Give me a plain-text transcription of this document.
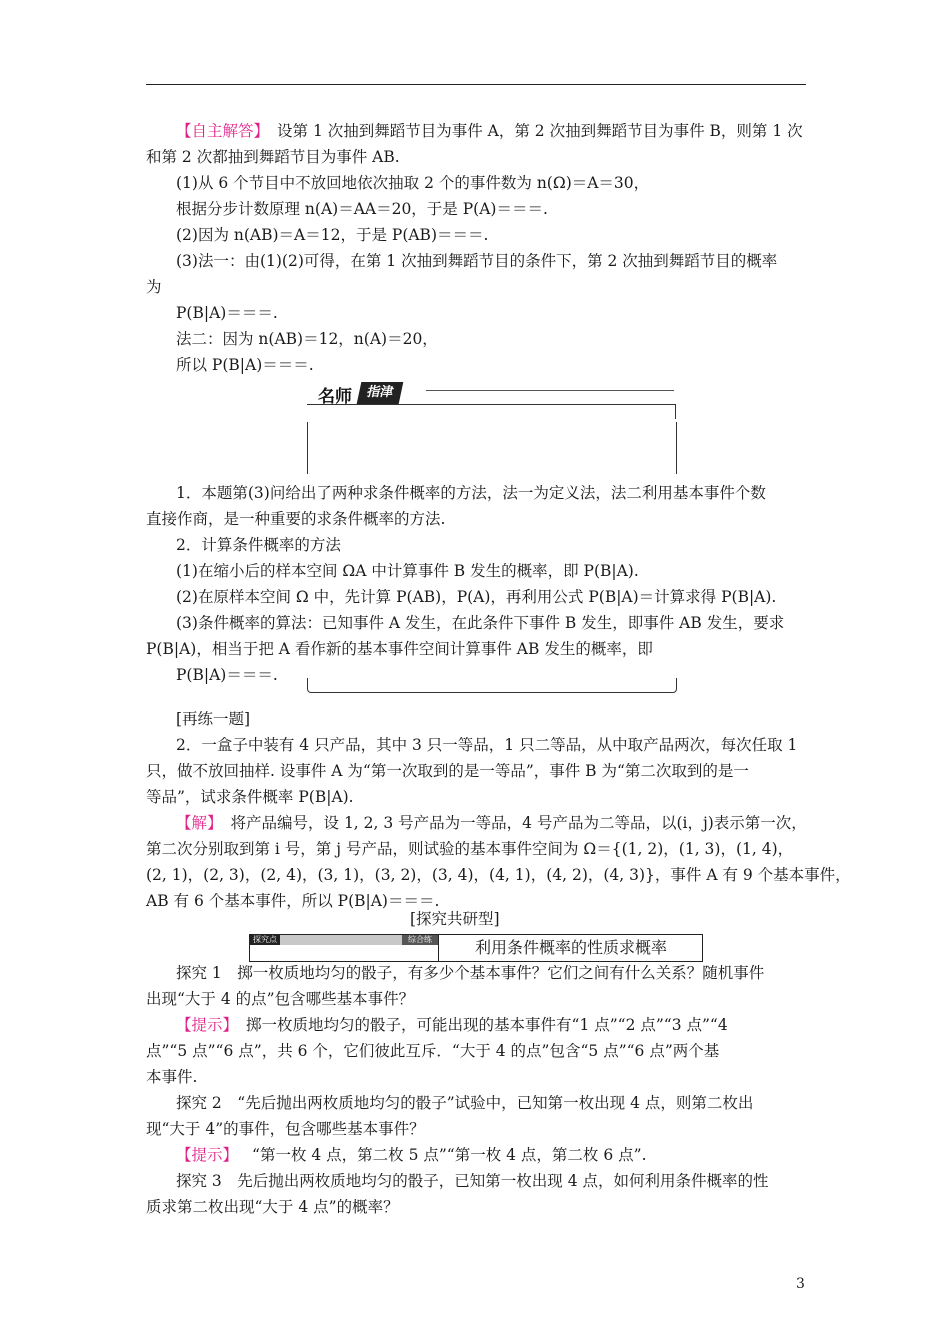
【自主解答】 设第 1 次抽到舞蹈节目为事件 A，第 2 次抽到舞蹈节目为事件 B，则第 1 次
和第 2 次都抽到舞蹈节目为事件 AB.
(1)从 6 个节目中不放回地依次抽取 2 个的事件数为 n(Ω)＝A＝30，
根据分步计数原理 n(A)＝AA＝20，于是 P(A)＝＝＝.
(2)因为 n(AB)＝A＝12，于是 P(AB)＝＝＝.
(3)法一：由(1)(2)可得，在第 1 次抽到舞蹈节目的条件下，第 2 次抽到舞蹈节目的概率
为
P(B|A)＝＝＝.
法二：因为 n(AB)＝12，n(A)＝20，
所以 P(B|A)＝＝＝.
名师	指津
1．本题第(3)问给出了两种求条件概率的方法，法一为定义法，法二利用基本事件个数
直接作商，是一种重要的求条件概率的方法.
2．计算条件概率的方法
(1)在缩小后的样本空间 ΩA 中计算事件 B 发生的概率，即 P(B|A).
(2)在原样本空间 Ω 中，先计算 P(AB)，P(A)，再利用公式 P(B|A)＝计算求得 P(B|A).
(3)条件概率的算法：已知事件 A 发生，在此条件下事件 B 发生，即事件 AB 发生，要求
P(B|A)，相当于把 A 看作新的基本事件空间计算事件 AB 发生的概率，即
P(B|A)＝＝＝.
[再练一题]
2．一盒子中装有 4 只产品，其中 3 只一等品，1 只二等品，从中取产品两次，每次任取 1
只，做不放回抽样. 设事件 A 为“第一次取到的是一等品”，事件 B 为“第二次取到的是一
等品”，试求条件概率 P(B|A).
【解】 将产品编号，设 1, 2, 3 号产品为一等品，4 号产品为二等品，以(i，j)表示第一次，
第二次分别取到第 i 号，第 j 号产品，则试验的基本事件空间为 Ω＝{(1, 2)，(1, 3)，(1, 4)，
(2, 1)，(2, 3)，(2, 4)，(3, 1)，(3, 2)，(3, 4)，(4, 1)，(4, 2)，(4, 3)}，事件 A 有 9 个基本事件，
AB 有 6 个基本事件，所以 P(B|A)＝＝＝.
[探究共研型]
探究点	综合练	利用条件概率的性质求概率
探究 1　掷一枚质地均匀的骰子，有多少个基本事件？它们之间有什么关系？随机事件
出现“大于 4 的点”包含哪些基本事件？
【提示】 掷一枚质地均匀的骰子，可能出现的基本事件有“1 点”“2 点”“3 点”“4
点”“5 点”“6 点”，共 6 个，它们彼此互斥．“大于 4 的点”包含“5 点”“6 点”两个基
本事件.
探究 2　“先后抛出两枚质地均匀的骰子”试验中，已知第一枚出现 4 点，则第二枚出
现“大于 4”的事件，包含哪些基本事件？
【提示】 “第一枚 4 点，第二枚 5 点”“第一枚 4 点，第二枚 6 点”.
探究 3　先后抛出两枚质地均匀的骰子，已知第一枚出现 4 点，如何利用条件概率的性
质求第二枚出现“大于 4 点”的概率？
3
